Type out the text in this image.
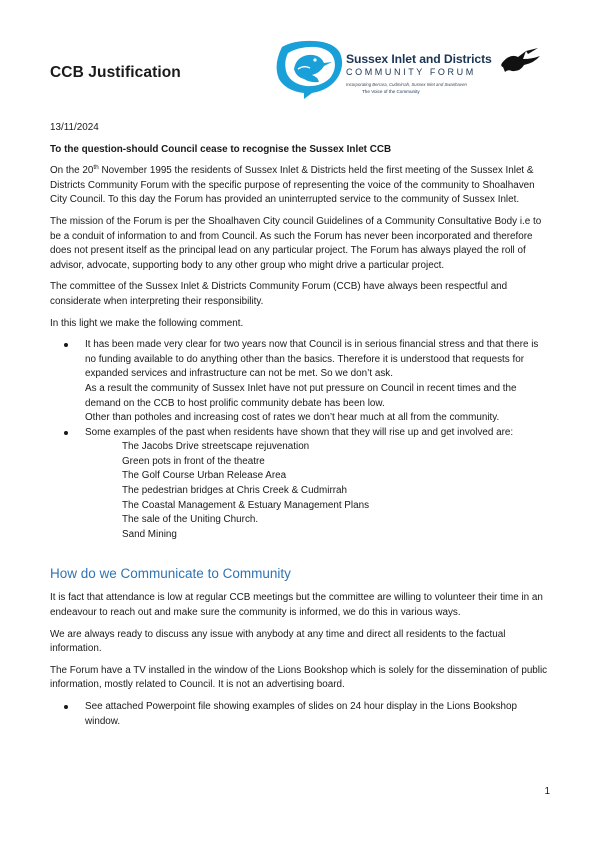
CCB Justification
Sussex Inlet and Districts
COMMUNITY FORUM
Incorporating Berrara, Cudmirrah, Sussex Inlet and Swanhaven
The Voice of the Community
13/11/2024
To the question-should Council cease to recognise the Sussex Inlet CCB

On the 20th November 1995 the residents of Sussex Inlet & Districts held the first meeting of the Sussex Inlet & Districts Community Forum with the specific purpose of representing the voice of the community to Shoalhaven City Council. To this day the Forum has provided an uninterrupted service to the community of Sussex Inlet.

The mission of the Forum is per the Shoalhaven City council Guidelines of a Community Consultative Body i.e to be a conduit of information to and from Council. As such the Forum has never been incorporated and therefore does not present itself as the principal lead on any particular project. The Forum has always played the roll of advisor, advocate, supporting body to any other group who might drive a particular project.

The committee of the Sussex Inlet & Districts Community Forum (CCB) have always been respectful and considerate when interpreting their responsibility.

In this light we make the following comment.

It has been made very clear for two years now that Council is in serious financial stress and that there is no funding available to do anything other than the basics. Therefore it is understood that requests for expanded services and infrastructure can not be met. So we don’t ask.
As a result the community of Sussex Inlet have not put pressure on Council in recent times and the demand on the CCB to host prolific community debate has been low.
Other than potholes and increasing cost of rates we don’t hear much at all from the community.
Some examples of the past when residents have shown that they will rise up and get involved are:
The Jacobs Drive streetscape rejuvenation
Green pots in front of the theatre
The Golf Course Urban Release Area
The pedestrian bridges at Chris Creek & Cudmirrah
The Coastal Management & Estuary Management Plans
The sale of the Uniting Church.
Sand Mining
How do we Communicate to Community

It is fact that attendance is low at regular CCB meetings but the committee are willing to volunteer their time in an endeavour to reach out and make sure the community is informed, we do this in various ways.

We are always ready to discuss any issue with anybody at any time and direct all residents to the factual information.

The Forum have a TV installed in the window of the Lions Bookshop which is solely for the dissemination of public information, mostly related to Council. It is not an advertising board.

See attached Powerpoint file showing examples of slides on 24 hour display in the Lions Bookshop window.
1
